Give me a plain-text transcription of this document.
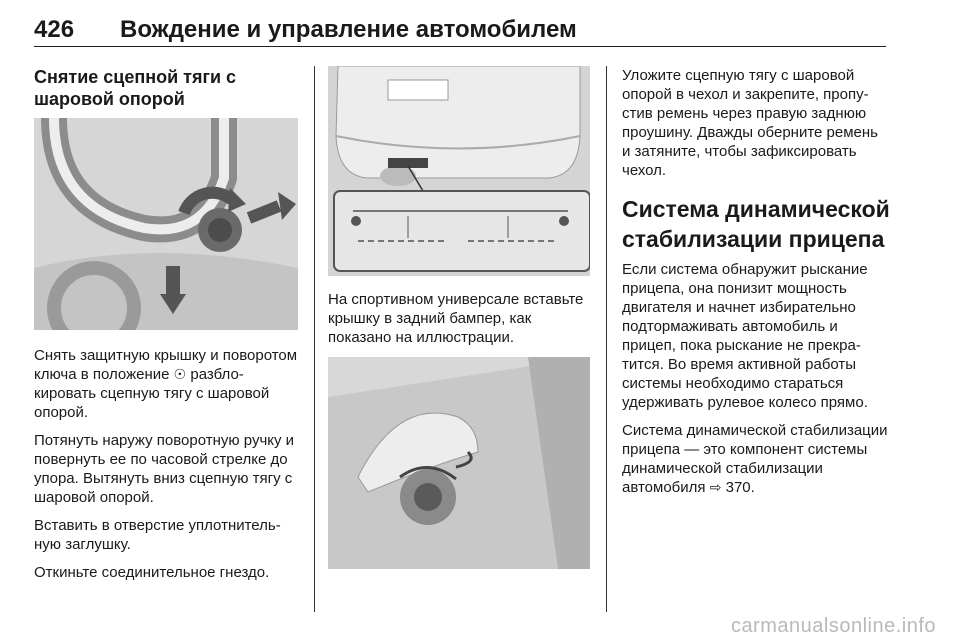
426 Вождение и управление автомобилем
Снятие сцепной тяги с шаровой опорой

Снять защитную крышку и поворотом ключа в положение ☉ разблокировать сцепную тягу с шаровой опорой.

Потянуть наружу поворотную ручку и повернуть ее по часовой стрелке до упора. Вытянуть вниз сцепную тягу с шаровой опорой.

Вставить в отверстие уплотнительную заглушку.

Откиньте соединительное гнездо.

На спортивном универсале вставьте крышку в задний бампер, как показано на иллюстрации.

Уложите сцепную тягу с шаровой опорой в чехол и закрепите, пропустив ремень через правую заднюю проушину. Дважды оберните ремень и затяните, чтобы зафиксировать чехол.

Система динамической стабилизации прицепа

Если система обнаружит рыскание прицепа, она понизит мощность двигателя и начнет избирательно подтормаживать автомобиль и прицеп, пока рыскание не прекратится. Во время активной работы системы необходимо стараться удерживать рулевое колесо прямо.

Система динамической стабилизации прицепа — это компонент системы динамической стабилизации автомобиля ⇨ 370.

carmanualsonline.info
